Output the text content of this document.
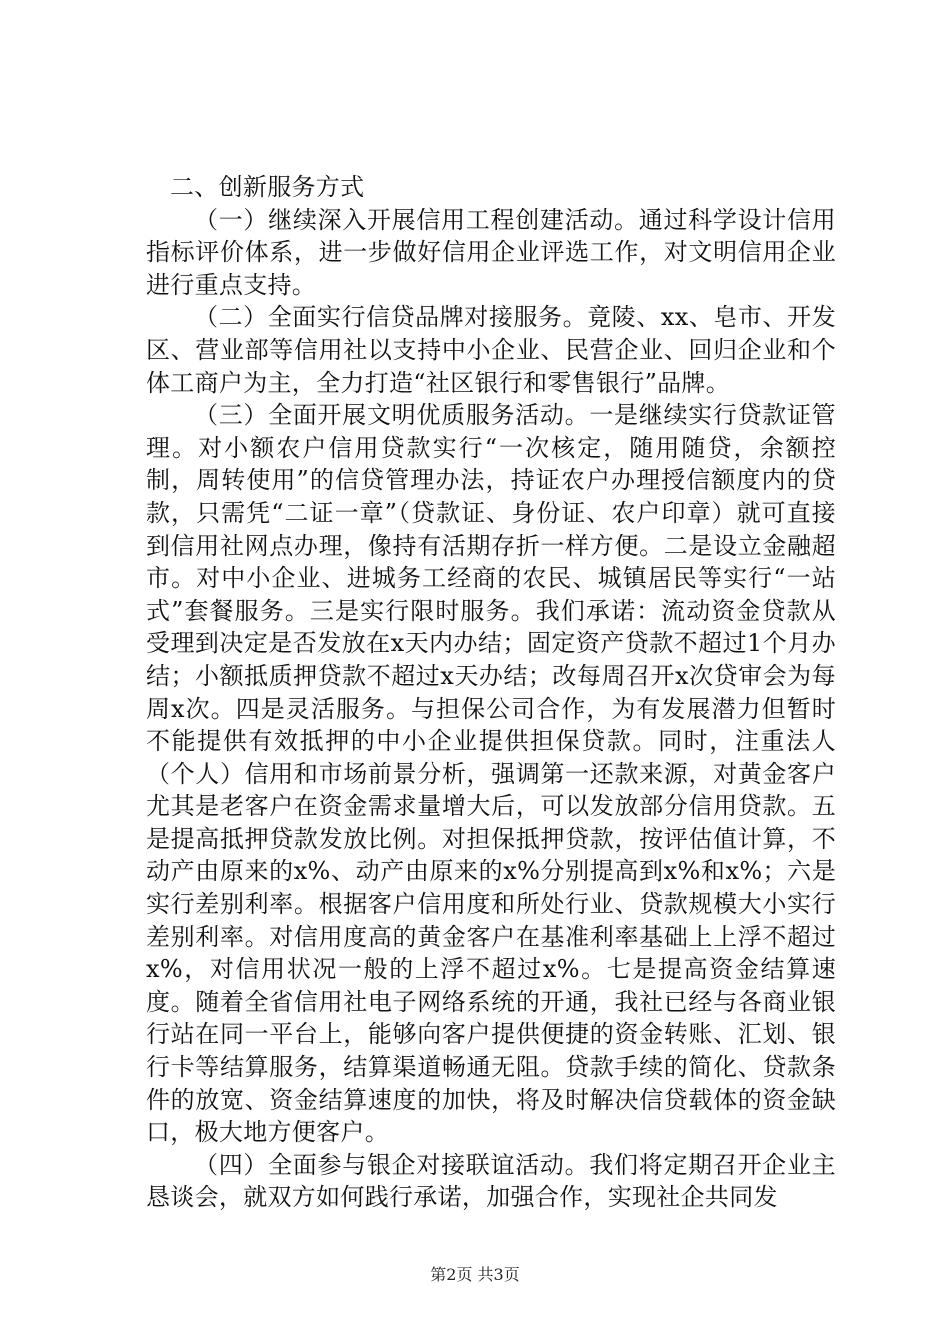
二、创新服务方式

（一）继续深入开展信用工程创建活动。通过科学设计信用指标评价体系，进一步做好信用企业评选工作，对文明信用企业进行重点支持。

（二）全面实行信贷品牌对接服务。竟陵、xx、皂市、开发区、营业部等信用社以支持中小企业、民营企业、回归企业和个体工商户为主，全力打造“社区银行和零售银行”品牌。

（三）全面开展文明优质服务活动。一是继续实行贷款证管理。对小额农户信用贷款实行“一次核定，随用随贷，余额控制，周转使用”的信贷管理办法，持证农户办理授信额度内的贷款，只需凭“二证一章”（贷款证、身份证、农户印章）就可直接到信用社网点办理，像持有活期存折一样方便。二是设立金融超市。对中小企业、进城务工经商的农民、城镇居民等实行“一站式”套餐服务。三是实行限时服务。我们承诺：流动资金贷款从受理到决定是否发放在x天内办结；固定资产贷款不超过1个月办结；小额抵质押贷款不超过x天办结；改每周召开x次贷审会为每周x次。四是灵活服务。与担保公司合作，为有发展潜力但暂时不能提供有效抵押的中小企业提供担保贷款。同时，注重法人（个人）信用和市场前景分析，强调第一还款来源，对黄金客户尤其是老客户在资金需求量增大后，可以发放部分信用贷款。五是提高抵押贷款发放比例。对担保抵押贷款，按评估值计算，不动产由原来的x%、动产由原来的x%分别提高到x%和x%；六是实行差别利率。根据客户信用度和所处行业、贷款规模大小实行差别利率。对信用度高的黄金客户在基准利率基础上上浮不超过x%，对信用状况一般的上浮不超过x%。七是提高资金结算速度。随着全省信用社电子网络系统的开通，我社已经与各商业银行站在同一平台上，能够向客户提供便捷的资金转账、汇划、银行卡等结算服务，结算渠道畅通无阻。贷款手续的简化、贷款条件的放宽、资金结算速度的加快，将及时解决信贷载体的资金缺口，极大地方便客户。

（四）全面参与银企对接联谊活动。我们将定期召开企业主恳谈会，就双方如何践行承诺，加强合作，实现社企共同发

第2页 共3页
